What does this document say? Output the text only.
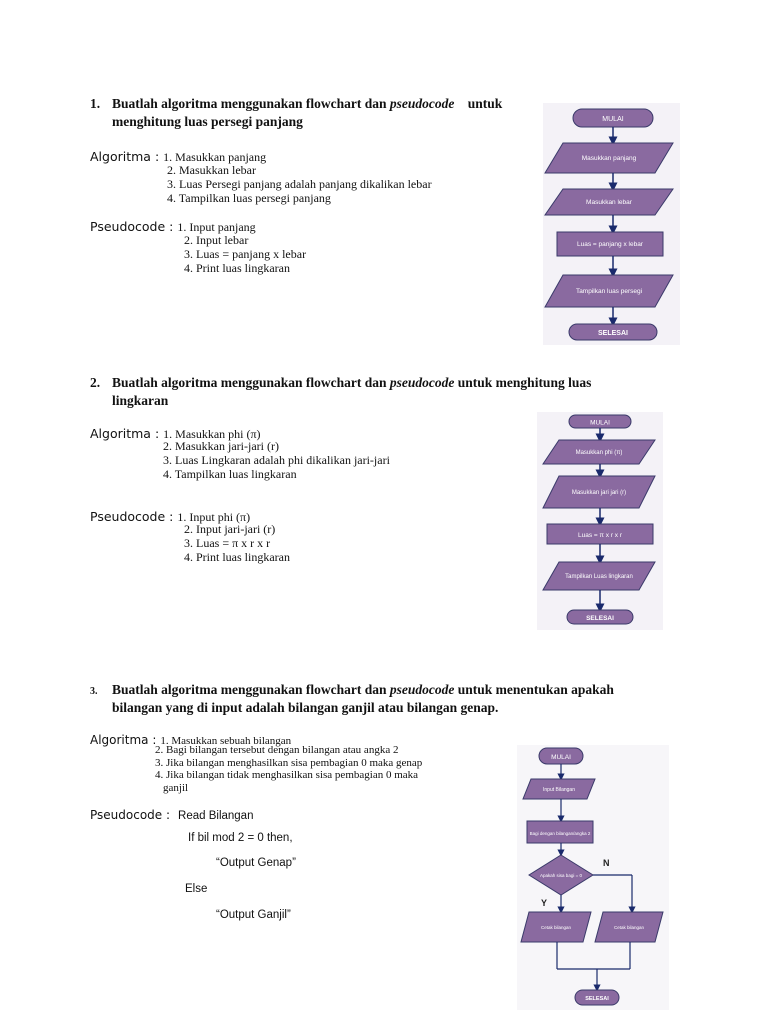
1. Buatlah algoritma menggunakan flowchart dan pseudocode untuk
menghitung luas persegi panjang
Algoritma : 1. Masukkan panjang
2. Masukkan lebar
3. Luas Persegi panjang adalah panjang dikalikan lebar
4. Tampilkan luas persegi panjang
Pseudocode : 1. Input panjang
2. Input lebar
3. Luas = panjang x lebar
4. Print luas lingkaran
MULAI
Masukkan panjang
Masukkan lebar
Luas = panjang x lebar
Tampilkan luas persegi
SELESAI
2. Buatlah algoritma menggunakan flowchart dan pseudocode untuk menghitung luas
lingkaran
Algoritma : 1. Masukkan phi (π)
2. Masukkan jari-jari (r)
3. Luas Lingkaran adalah phi dikalikan jari-jari
4. Tampilkan luas lingkaran
Pseudocode : 1. Input phi (π)
2. Input jari-jari (r)
3. Luas = π x r x r
4. Print luas lingkaran
MULAI
Masukkan phi (π)
Masukkan jari jari (r)
Luas = π x r x r
Tampilkan Luas lingkaran
SELESAI
3. Buatlah algoritma menggunakan flowchart dan pseudocode untuk menentukan apakah
bilangan yang di input adalah bilangan ganjil atau bilangan genap.
Algoritma : 1. Masukkan sebuah bilangan
2. Bagi bilangan tersebut dengan bilangan atau angka 2
3. Jika bilangan menghasilkan sisa pembagian 0 maka genap
4. Jika bilangan tidak menghasilkan sisa pembagian 0 maka
ganjil
Pseudocode : Read Bilangan
If bil mod 2 = 0 then,
“Output Genap”
Else
“Output Ganjil”
MULAI
Input Bilangan
Bagi dengan bilangan/angka 2
Apakah sisa bagi = 0
N
Y
Cetak bilangan	Cetak bilangan
SELESAI
